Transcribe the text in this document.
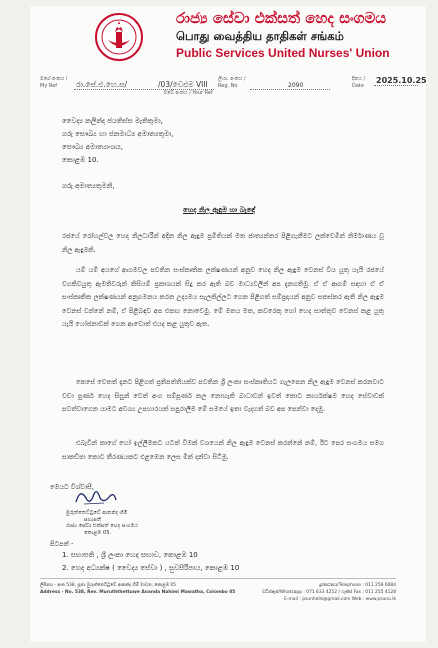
රාජ්‍ය සේවා එක්සත් හෙද සංගමය
பொது வைத்திய தாதிகள் சங்கம்
Public Services United Nurses' Union
මගේ අංකය / My Ref	රා.සේ.එ.හෙ.ස/	/03/වෙළුම VIII
ඔබේ අංකය / Your Ref
ලියා. අංකය / Reg. No	2090
දිනය / Date
2025.10.25
වෛද්‍ය නලින්ද ජයතිස්ස මැතිතුමා,
ගරු සෞඛ්‍ය හා ජනමාධ්‍ය අමාත්‍යතුමා,
සෞඛ්‍ය අමාත්‍යාංශය,
කොළඹ 10.
ගරු අමාත්‍යතුමනි,
හෙද නිල ඇඳුම හා බැඳේ

රජයේ රෝහල්වල හෙද නිලධාරීන් අදින නිල ඇඳුම ප්‍රමිතියක් මත ජාත්‍යන්තර පිළිගැනීමට ලක්වෙමින් නිර්මාණය වූ නිල ඇඳුමකි.

යම් යම් අයගේ ආගමවල පවතින සංස්කෘතික ලක්ෂණයන් අනුව හෙද නිල ඇඳුම වෙනස් විය යුතු යැයි රජයේ වගකිවයුතු ඇමතිවරුන් කිසියම් ප්‍රකාශයක් සිදු කර ඇති බව මාධ්‍යවලින් අප දැනගතිමු. ඒ ඒ ආගම් සඳහා ඒ ඒ සංස්කෘතික ලක්ෂණයන් අනුගමනය කරන උද්‍යමය සැලකිල්ලට ගෙන පිළිගත් සම්ප්‍රදායන් අනුව සකස්කර ඇති නිල ඇඳුම වෙනස් වන්නේ නම්, ඒ පිළිබඳව අප එකඟ නොවෙමු. මේ මතය මත, කවරෙකු හෝ හෙද සාත්තුව වෙනස් කළ යුතු යැයි යෝජනාවක් ගෙන ආවොත් එයද කළ යුතුව ඇත.

කෙසේ වෙතත් දැනට පිළිගත් ප්‍රතිපත්තියක්ව පවතින ශ්‍රී ලංකා සංස්කෘතියට ගැලපෙන නිල ඇඳුම වෙනස් කරනවාට වඩා පුර්ණ හෙද සිසුන් වෙත් අංග සම්පූර්ණ කල ‍නොහැකි බාධාවන් ඉවත් කොට කාර්යක්ෂම හෙද සේවාවක් පවත්වාගෙන යාමට අවශ්‍ය උපහාරයක් සපුරාලීම මේ සමයේ ඉතා වැදගත් බව අප පෙන්වා දෙමු.

එබැවින් කාගේ හෝ ඉල්ලීමකට යටත් වීමක් වශයෙන් නිල ඇඳුම වෙනස් කරන්නේ නම්, ඊට පෙර සංගමය සමග සාකච්ඡා කොට තීරණයකට එළඹෙන ලෙස මින් දන්වා සිටිමු.

මෙයට විශ්වාසී,
මුරුත්තෙට්ටුවේ ආනන්ද හිමි
සභාපති
රාජ්‍ය සේවා එක්සත් හෙද සංගමය
කොළඹ 05.
පිටපත් -
1. සභාපති , ශ්‍රී ලංකා හෙද සභාව, කොළඹ 10
2. හෙද අධ්‍යක්ෂ ( වෛද්‍ය සේවා ) , සුවසිරිපාය, කොළඹ 10
ලිපිනය - අංක 538, පූජ්‍ය මුරුත්තෙට්ටුවේ ආනන්ද හිමි මාවත, කොළඹ 05
Address - No. 538, Rev. Muruththettuwe Ananda Nahimi Mawatha, Colombo 05
දුරකථනය/Telephone : 011 259 6084
වට්ස්ඇප්/Whatsapp : 071 633 4252 / ෆැක්ස් Fax : 011 255 4128
E-mail : psunhells@gmail.com Web : www.psunu.lk
